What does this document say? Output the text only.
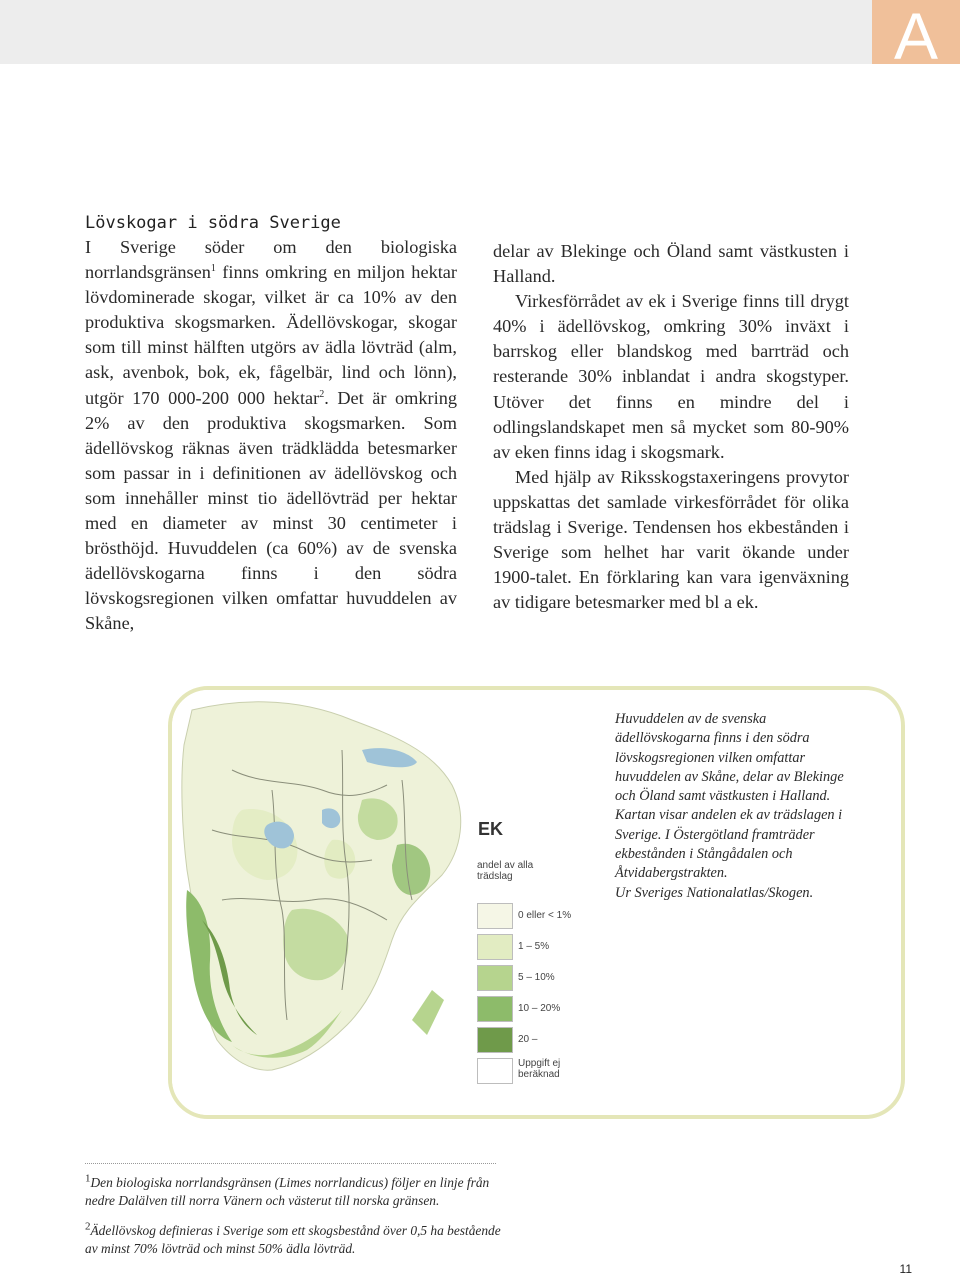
A
Lövskogar i södra Sverige

I Sverige söder om den biologiska norrlandsgränsen$^1$ finns omkring en miljon hektar lövdominerade skogar, vilket är ca 10% av den produktiva skogsmarken. Ädellövskogar, skogar som till minst hälften utgörs av ädla lövträd (alm, ask, avenbok, bok, ek, fågelbär, lind och lönn), utgör 170 000-200 000 hektar$^2$. Det är omkring 2% av den produktiva skogsmarken. Som ädellövskog räknas även trädklädda betesmarker som passar in i definitionen av ädellövskog och som innehåller minst tio ädellövträd per hektar med en diameter av minst 30 centimeter i brösthöjd. Huvuddelen (ca 60%) av de svenska ädellövskogarna finns i den södra lövskogsregionen vilken omfattar huvuddelen av Skåne,

delar av Blekinge och Öland samt västkusten i Halland.

Virkesförrådet av ek i Sverige finns till drygt 40% i ädellövskog, omkring 30% inväxt i barrskog eller blandskog med barrträd och resterande 30% inblandat i andra skogstyper. Utöver det finns en mindre del i odlingslandskapet men så mycket som 80-90% av eken finns idag i skogsmark.

Med hjälp av Riksskogstaxeringens provytor uppskattas det samlade virkesförrådet för olika trädslag i Sverige. Tendensen hos ekbestånden i Sverige som helhet har varit ökande under 1900-talet. En förklaring kan vara igenväxning av tidigare betesmarker med bl a ek.

EK
andel av alla trädslag
0 eller < 1%
1 – 5%
5 – 10%
10 – 20%
20 –
Uppgift ej beräknad
Huvuddelen av de svenska ädellövskogarna finns i den södra lövskogsregionen vilken omfattar huvuddelen av Skåne, delar av Blekinge och Öland samt västkusten i Halland. Kartan visar andelen ek av trädslagen i Sverige. I Östergötland framträder ekbestånden i Stångådalen och Åtvidabergstrakten.
Ur Sveriges Nationalatlas/Skogen.
$^1$Den biologiska norrlandsgränsen (Limes norrlandicus) följer en linje från nedre Dalälven till norra Vänern och västerut till norska gränsen.
$^2$Ädellövskog definieras i Sverige som ett skogsbestånd över 0,5 ha bestående av minst 70% lövträd och minst 50% ädla lövträd.
11
